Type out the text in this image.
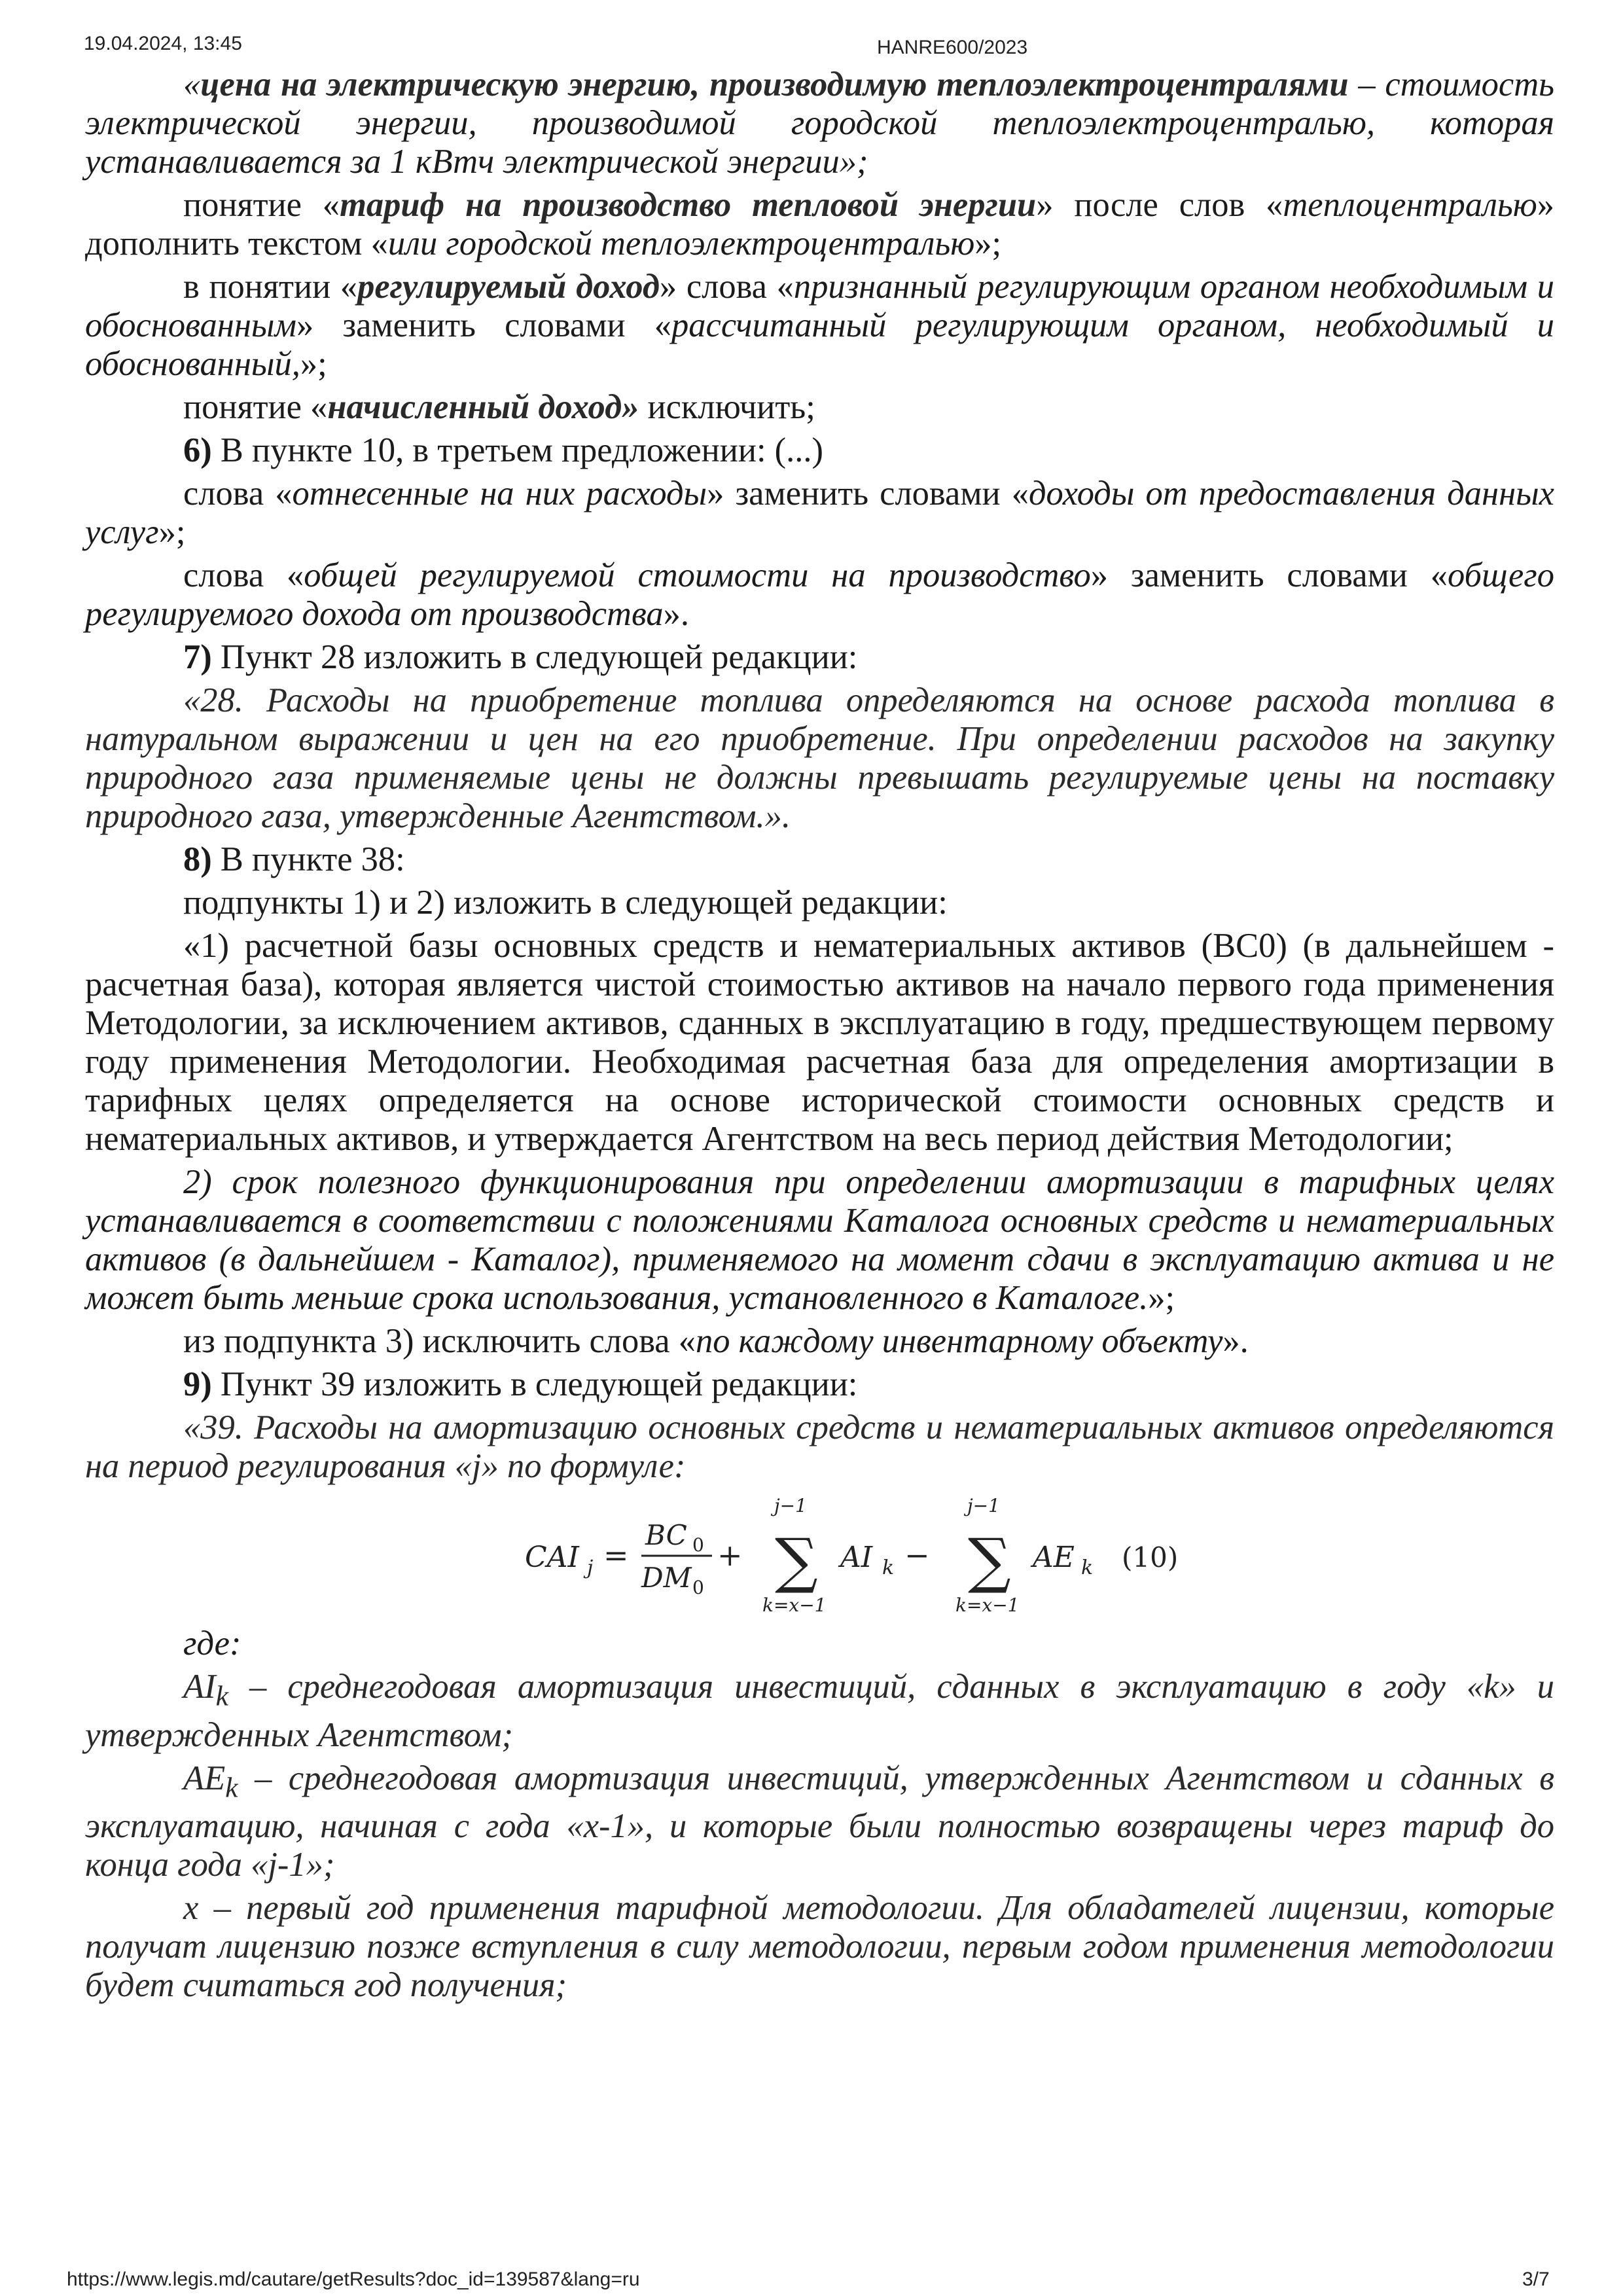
19.04.2024, 13:45	HANRE600/2023

«цена на электрическую энергию, производимую теплоэлектроцентралями – стоимость электрической энергии, производимой городской теплоэлектроцентралью, которая устанавливается за 1 кВтч электрической энергии»;

понятие «тариф на производство тепловой энергии» после слов «теплоцентралью» дополнить текстом «или городской теплоэлектроцентралью»;

в понятии «регулируемый доход» слова «признанный регулирующим органом необходимым и обоснованным» заменить словами «рассчитанный регулирующим органом, необходимый и обоснованный,»;

понятие «начисленный доход» исключить;

6) В пункте 10, в третьем предложении: (...)

слова «отнесенные на них расходы» заменить словами «доходы от предоставления данных услуг»;

слова «общей регулируемой стоимости на производство» заменить словами «общего регулируемого дохода от производства».

7) Пункт 28 изложить в следующей редакции:

«28. Расходы на приобретение топлива определяются на основе расхода топлива в натуральном выражении и цен на его приобретение. При определении расходов на закупку природного газа применяемые цены не должны превышать регулируемые цены на поставку природного газа, утвержденные Агентством.».

8) В пункте 38:

подпункты 1) и 2) изложить в следующей редакции:

«1) расчетной базы основных средств и нематериальных активов (BC0) (в дальнейшем - расчетная база), которая является чистой стоимостью активов на начало первого года применения Методологии, за исключением активов, сданных в эксплуатацию в году, предшествующем первому году применения Методологии. Необходимая расчетная база для определения амортизации в тарифных целях определяется на основе исторической стоимости основных средств и нематериальных активов, и утверждается Агентством на весь период действия Методологии;

2) срок полезного функционирования при определении амортизации в тарифных целях устанавливается в соответствии с положениями Каталога основных средств и нематериальных активов (в дальнейшем - Каталог), применяемого на момент сдачи в эксплуатацию актива и не может быть меньше срока использования, установленного в Каталоге.»;

из подпункта 3) исключить слова «по каждому инвентарному объекту».

9) Пункт 39 изложить в следующей редакции:

«39. Расходы на амортизацию основных средств и нематериальных активов определяются на период регулирования «j» по формуле:

CAI j =
BC 0
DM 0
+
j−1
∑
k=x−1
AI k −
j−1
∑
k=x−1
AE k (10)

где:

$AI_k$ – среднегодовая амортизация инвестиций, сданных в эксплуатацию в году «k» и утвержденных Агентством;

$AE_k$ – среднегодовая амортизация инвестиций, утвержденных Агентством и сданных в эксплуатацию, начиная с года «x-1», и которые были полностью возвращены через тариф до конца года «j-1»;

x – первый год применения тарифной методологии. Для обладателей лицензии, которые получат лицензию позже вступления в силу методологии, первым годом применения методологии будет считаться год получения;

https://www.legis.md/cautare/getResults?doc_id=139587&lang=ru	3/7
